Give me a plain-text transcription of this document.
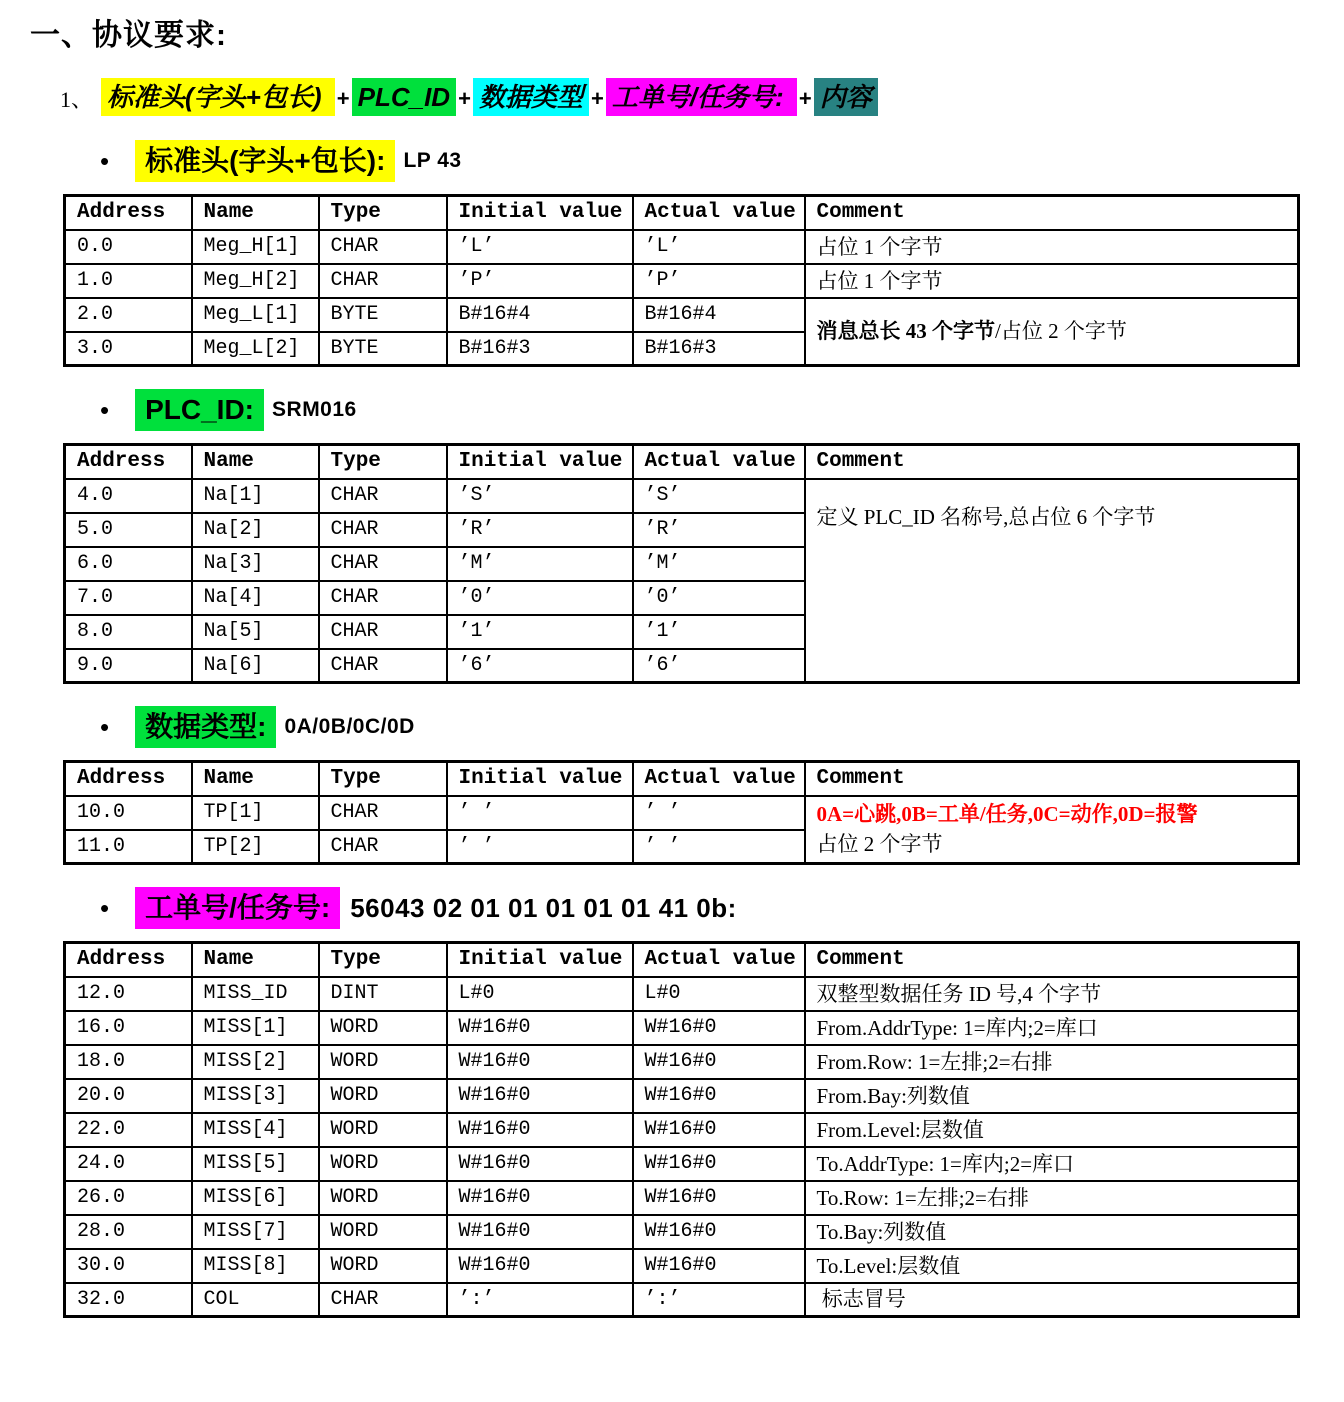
一、协议要求:
1、 标准头(字头+包长) + PLC_ID + 数据类型 + 工单号/任务号: + 内容
•	标准头(字头+包长): LP 43
Address	Name	Type	Initial value	Actual value	Comment
0.0	Meg_H[1]	CHAR	’L’	’L’	占位 1 个字节

1.0	Meg_H[2]	CHAR	’P’	’P’	占位 1 个字节

2.0	Meg_L[1]	BYTE	B#16#4	B#16#4	消息总长 43 个字节/占位 2 个字节

3.0	Meg_L[2]	BYTE	B#16#3	B#16#3	
•	PLC_ID: SRM016
Address	Name	Type	Initial value	Actual value	Comment
4.0	Na[1]	CHAR	’S’	’S’	定义 PLC_ID 名称号,总占位 6 个字节

5.0	Na[2]	CHAR	’R’	’R’	
6.0	Na[3]	CHAR	’M’	’M’	
7.0	Na[4]	CHAR	’0’	’0’	
8.0	Na[5]	CHAR	’1’	’1’	
9.0	Na[6]	CHAR	’6’	’6’	
•	数据类型: 0A/0B/0C/0D
Address	Name	Type	Initial value	Actual value	Comment
10.0	TP[1]	CHAR	’ ’	’ ’	0A=心跳,0B=工单/任务,0C=动作,0D=报警
占位 2 个字节

11.0	TP[2]	CHAR	’ ’	’ ’	
•	工单号/任务号: 56043 02 01 01 01 01 01 41 0b:
Address	Name	Type	Initial value	Actual value	Comment
12.0	MISS_ID	DINT	L#0	L#0	双整型数据任务 ID 号,4 个字节

16.0	MISS[1]	WORD	W#16#0	W#16#0	From.AddrType: 1=库内;2=库口

18.0	MISS[2]	WORD	W#16#0	W#16#0	From.Row: 1=左排;2=右排

20.0	MISS[3]	WORD	W#16#0	W#16#0	From.Bay:列数值

22.0	MISS[4]	WORD	W#16#0	W#16#0	From.Level:层数值

24.0	MISS[5]	WORD	W#16#0	W#16#0	To.AddrType: 1=库内;2=库口

26.0	MISS[6]	WORD	W#16#0	W#16#0	To.Row: 1=左排;2=右排

28.0	MISS[7]	WORD	W#16#0	W#16#0	To.Bay:列数值

30.0	MISS[8]	WORD	W#16#0	W#16#0	To.Level:层数值

32.0	COL	CHAR	’:’	’:’	标志冒号
